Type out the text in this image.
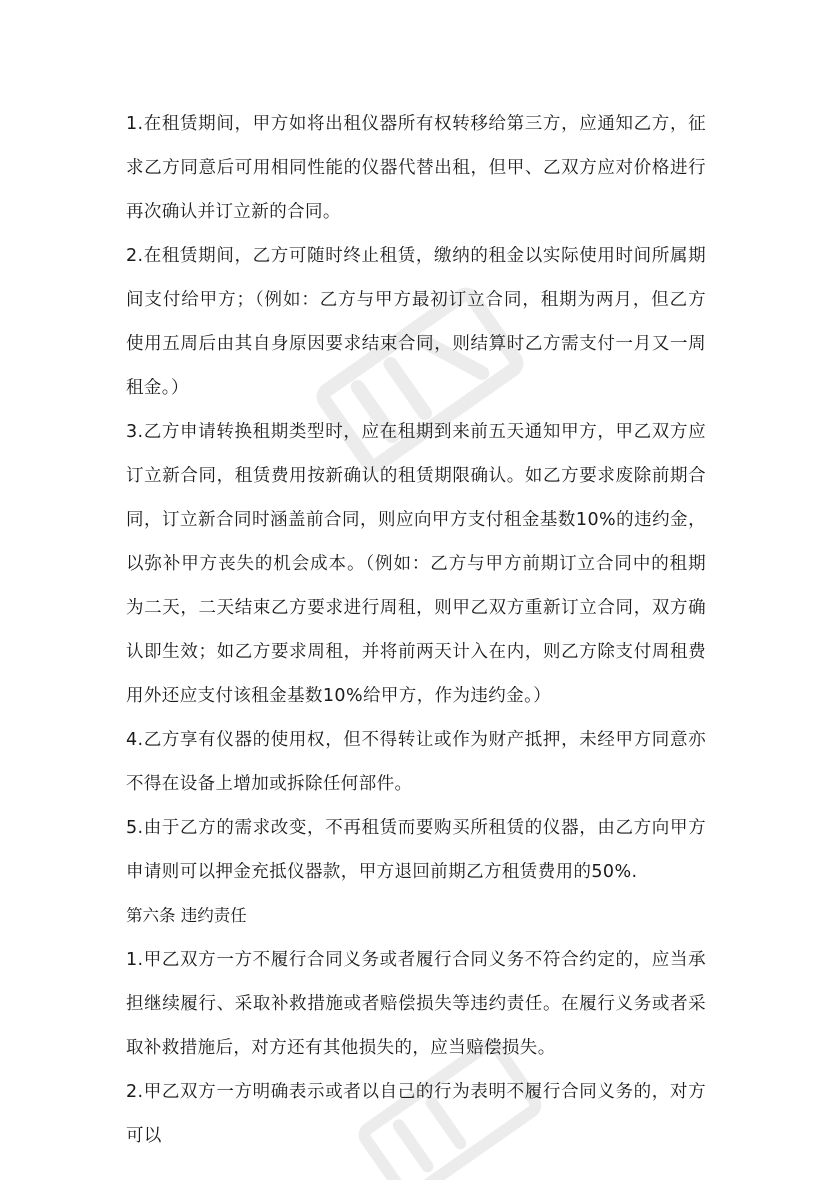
1.在租赁期间，甲方如将出租仪器所有权转移给第三方，应通知乙方，征求乙方同意后可用相同性能的仪器代替出租，但甲、乙双方应对价格进行再次确认并订立新的合同。

2.在租赁期间，乙方可随时终止租赁，缴纳的租金以实际使用时间所属期间支付给甲方；（例如：乙方与甲方最初订立合同，租期为两月，但乙方使用五周后由其自身原因要求结束合同，则结算时乙方需支付一月又一周租金。）

3.乙方申请转换租期类型时，应在租期到来前五天通知甲方，甲乙双方应订立新合同，租赁费用按新确认的租赁期限确认。如乙方要求废除前期合同，订立新合同时涵盖前合同，则应向甲方支付租金基数10%的违约金，以弥补甲方丧失的机会成本。（例如：乙方与甲方前期订立合同中的租期为二天，二天结束乙方要求进行周租，则甲乙双方重新订立合同，双方确认即生效；如乙方要求周租，并将前两天计入在内，则乙方除支付周租费用外还应支付该租金基数10%给甲方，作为违约金。）

4.乙方享有仪器的使用权，但不得转让或作为财产抵押，未经甲方同意亦不得在设备上增加或拆除任何部件。

5.由于乙方的需求改变，不再租赁而要购买所租赁的仪器，由乙方向甲方申请则可以押金充抵仪器款，甲方退回前期乙方租赁费用的50%.

第六条 违约责任

1.甲乙双方一方不履行合同义务或者履行合同义务不符合约定的，应当承担继续履行、采取补救措施或者赔偿损失等违约责任。在履行义务或者采取补救措施后，对方还有其他损失的，应当赔偿损失。

2.甲乙双方一方明确表示或者以自己的行为表明不履行合同义务的，对方可以
